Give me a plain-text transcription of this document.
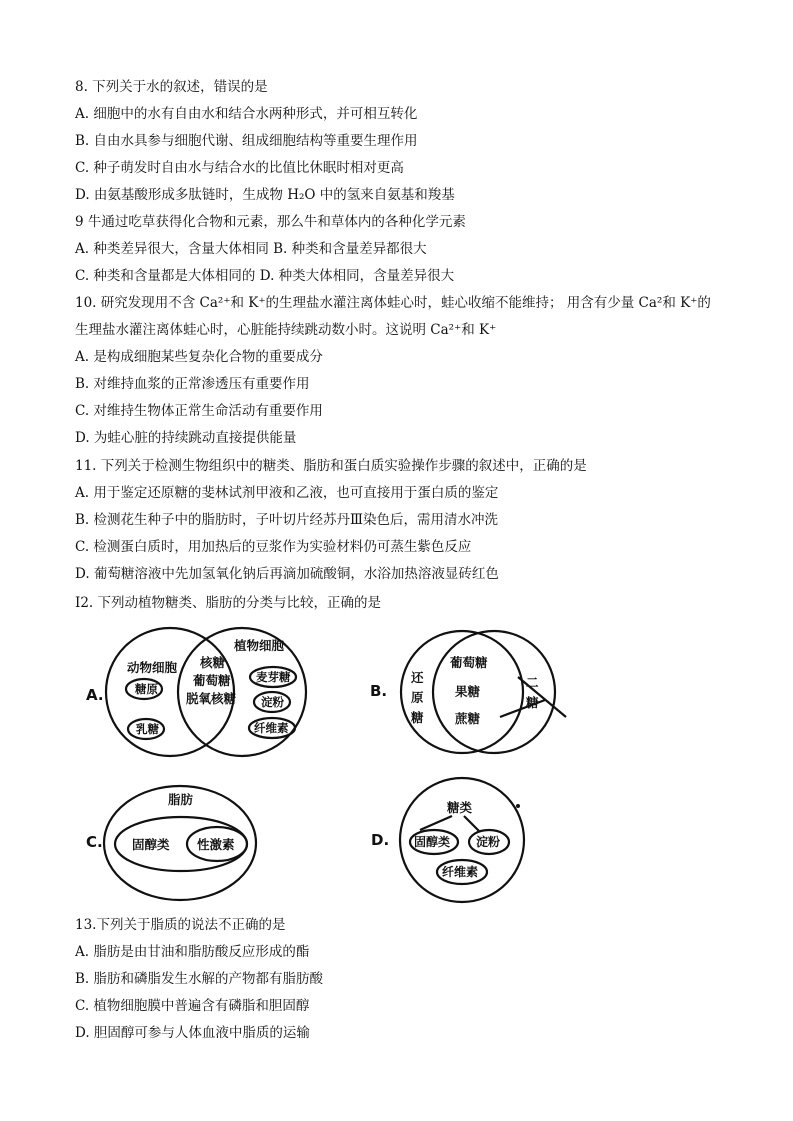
8. 下列关于水的叙述，错误的是
A. 细胞中的水有自由水和结合水两种形式，并可相互转化
B. 自由水具参与细胞代谢、组成细胞结构等重要生理作用
C. 种子萌发时自由水与结合水的比值比休眠时相对更高
D. 由氨基酸形成多肽链时，生成物 H₂O 中的氢来自氨基和羧基
9 牛通过吃草获得化合物和元素，那么牛和草体内的各种化学元素
A. 种类差异很大，含量大体相同 B. 种类和含量差异都很大
C. 种类和含量都是大体相同的 D. 种类大体相同，含量差异很大
10. 研究发现用不含 Ca²⁺和 K⁺的生理盐水灌注离体蛙心时，蛙心收缩不能维持； 用含有少量 Ca²和 K⁺的
生理盐水灌注离体蛙心时，心脏能持续跳动数小时。这说明 Ca²⁺和 K⁺
A. 是构成细胞某些复杂化合物的重要成分
B. 对维持血浆的正常渗透压有重要作用
C. 对维持生物体正常生命活动有重要作用
D. 为蛙心脏的持续跳动直接提供能量
11. 下列关于检测生物组织中的糖类、脂肪和蛋白质实验操作步骤的叙述中，正确的是
A. 用于鉴定还原糖的斐林试剂甲液和乙液，也可直接用于蛋白质的鉴定
B. 检测花生种子中的脂肪时，子叶切片经苏丹Ⅲ染色后，需用清水冲洗
C. 检测蛋白质时，用加热后的豆浆作为实验材料仍可蒸生紫色反应
D. 葡萄糖溶液中先加氢氧化钠后再滴加硫酸铜，水浴加热溶液显砖红色
I2. 下列动植物糖类、脂肪的分类与比较，正确的是
A.	B.
C.	D.
动物细胞
植物细胞
糖原
乳糖
核糖
葡萄糖
脱氧核糖
麦芽糖
淀粉
纤维素
还
原
糖
葡萄糖
果糖
蔗糖
二
糖
脂肪
固醇类 性激素
糖类
固醇类 淀粉
纤维素
13.下列关于脂质的说法不正确的是
A. 脂肪是由甘油和脂肪酸反应形成的酯
B. 脂肪和磷脂发生水解的产物都有脂肪酸
C. 植物细胞膜中普遍含有磷脂和胆固醇
D. 胆固醇可参与人体血液中脂质的运输
